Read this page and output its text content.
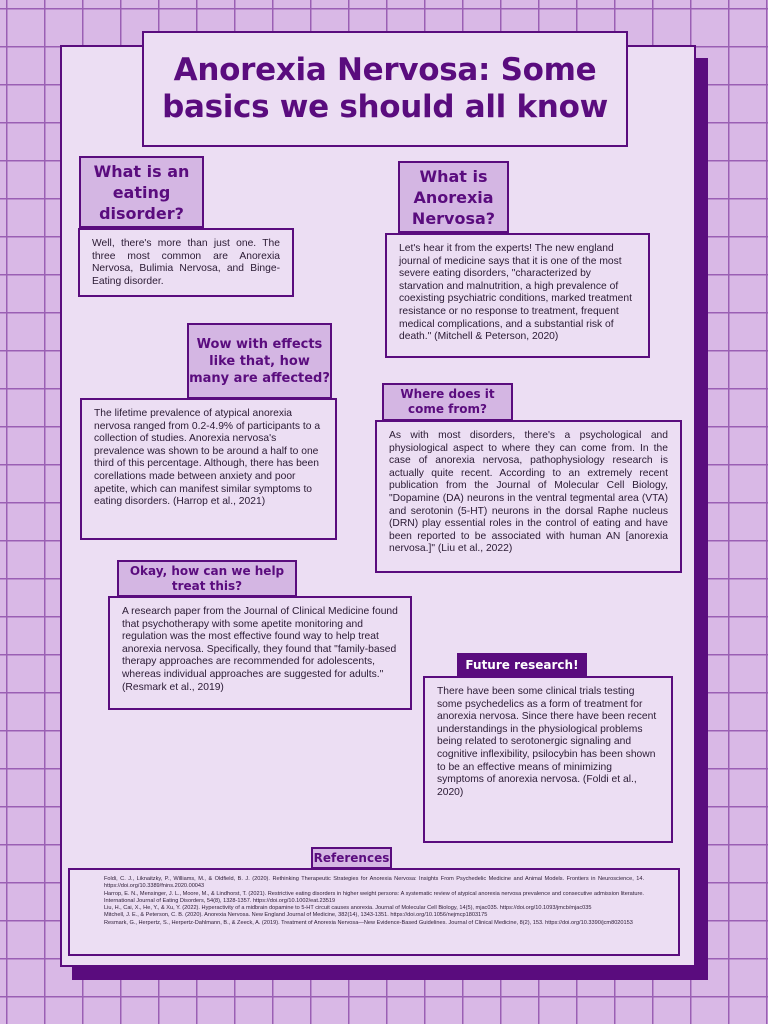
Anorexia Nervosa: Some basics we should all know
What is an eating disorder?
Well, there's more than just one. The three most common are Anorexia Nervosa, Bulimia Nervosa, and Binge-Eating disorder.
What is Anorexia Nervosa?
Let's hear it from the experts! The new england journal of medicine says that it is one of the most severe eating disorders, "characterized by starvation and malnutrition, a high prevalence of coexisting psychiatric conditions, marked treatment resistance or no response to treatment, frequent medical complications, and a substantial risk of death." (Mitchell & Peterson, 2020)
Wow with effects like that, how many are affected?
The lifetime prevalence of atypical anorexia nervosa ranged from 0.2-4.9% of participants to a collection of studies. Anorexia nervosa's prevalence was shown to be around a half to one third of this percentage. Although, there has been corellations made between anxiety and poor apetite, which can manifest similar symptoms to eating disorders. (Harrop et al., 2021)
Where does it come from?
As with most disorders, there's a psychological and physiological aspect to where they can come from. In the case of anorexia nervosa, pathophysiology research is actually quite recent. According to an extremely recent publication from the Journal of Molecular Cell Biology, "Dopamine (DA) neurons in the ventral tegmental area (VTA) and serotonin (5-HT) neurons in the dorsal Raphe nucleus (DRN) play essential roles in the control of eating and have been reported to be associated with human AN [anorexia nervosa.]" (Liu et al., 2022)
Okay, how can we help treat this?
A research paper from the Journal of Clinical Medicine found that psychotherapy with some apetite monitoring and regulation was the most effective found way to help treat anorexia nervosa. Specifically, they found that "family-based therapy approaches are recommended for adolescents, whereas individual approaches are suggested for adults." (Resmark et al., 2019)
Future research!
There have been some clinical trials testing some psychedelics as a form of treatment for anorexia nervosa. Since there have been recent understandings in the physiological problems being related to serotonergic signaling and cognitive inflexibility, psilocybin has been shown to be an effective means of minimizing symptoms of anorexia nervosa. (Foldi et al., 2020)
References

Foldi, C. J., Liknaitzky, P., Williams, M., & Oldfield, B. J. (2020). Rethinking Therapeutic Strategies for Anorexia Nervosa: Insights From Psychedelic Medicine and Animal Models. Frontiers in Neuroscience, 14. https://doi.org/10.3389/fnins.2020.00043

Harrop, E. N., Mensinger, J. L., Moore, M., & Lindhorst, T. (2021). Restrictive eating disorders in higher weight persons: A systematic review of atypical anorexia nervosa prevalence and consecutive admission literature. International Journal of Eating Disorders, 54(8), 1328-1357. https://doi.org/10.1002/eat.23519

Liu, H., Cai, X., He, Y., & Xu, Y. (2022). Hyperactivity of a midbrain dopamine to 5-HT circuit causes anorexia. Journal of Molecular Cell Biology, 14(5), mjac035. https://doi.org/10.1093/jmcb/mjac035

Mitchell, J. E., & Peterson, C. B. (2020). Anorexia Nervosa. New England Journal of Medicine, 382(14), 1343-1351. https://doi.org/10.1056/nejmcp1803175

Resmark, G., Herpertz, S., Herpertz-Dahlmann, B., & Zeeck, A. (2019). Treatment of Anorexia Nervosa—New Evidence-Based Guidelines. Journal of Clinical Medicine, 8(2), 153. https://doi.org/10.3390/jcm8020153
